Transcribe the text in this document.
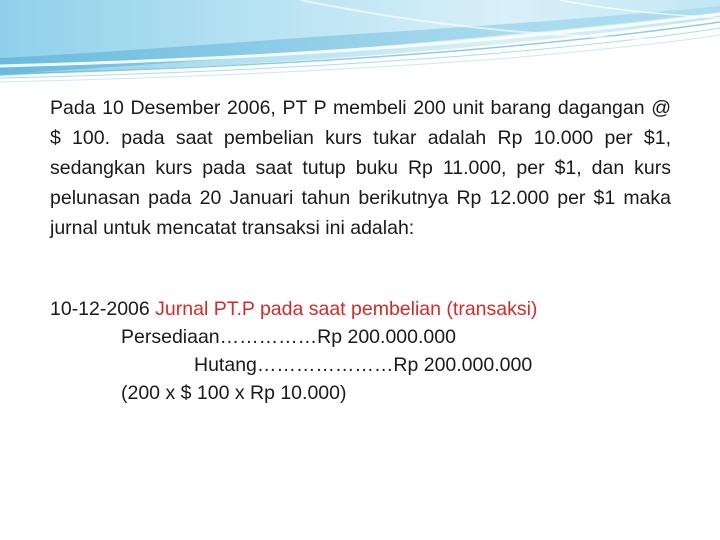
Pada 10 Desember 2006, PT P membeli 200 unit barang dagangan @ $ 100. pada saat pembelian kurs tukar adalah Rp 10.000 per $1, sedangkan kurs pada saat tutup buku Rp 11.000, per $1, dan kurs pelunasan pada 20 Januari tahun berikutnya Rp 12.000 per $1 maka jurnal untuk mencatat transaksi ini adalah:

10-12-2006 Jurnal PT.P pada saat pembelian (transaksi)
Persediaan……………Rp 200.000.000
Hutang…………………Rp 200.000.000
(200 x $ 100 x Rp 10.000)
